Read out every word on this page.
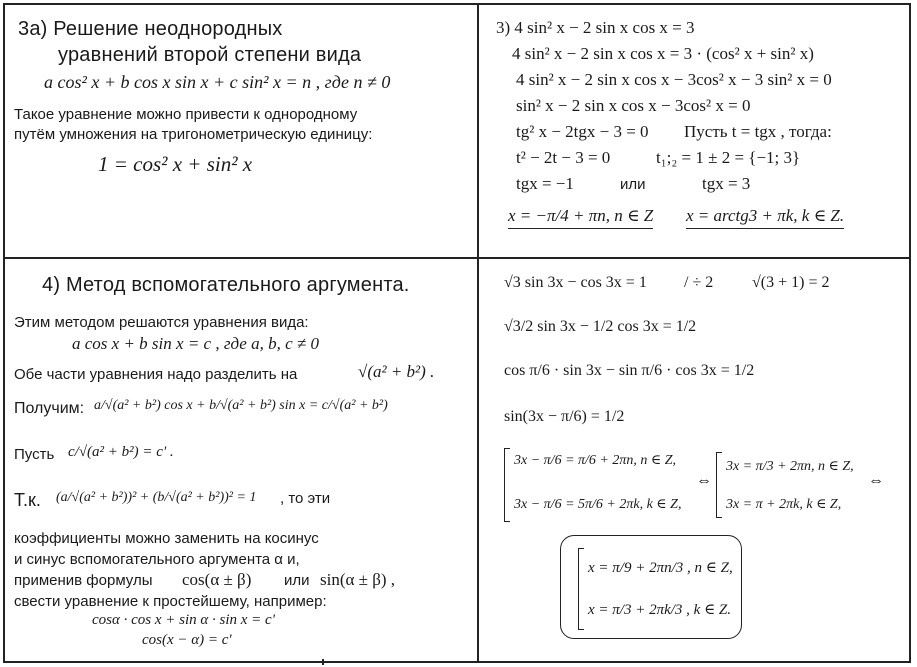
3а) Решение неоднородных
уравнений второй степени вида
a cos² x + b cos x sin x + c sin² x = n , где n ≠ 0
Такое уравнение можно привести к однородному
путём умножения на тригонометрическую единицу:
1 = cos² x + sin² x
3) 4 sin² x − 2 sin x cos x = 3
4 sin² x − 2 sin x cos x = 3 · (cos² x + sin² x)
4 sin² x − 2 sin x cos x − 3cos² x − 3 sin² x = 0
sin² x − 2 sin x cos x − 3cos² x = 0
tg² x − 2tgx − 3 = 0 Пусть t = tgx , тогда:
t² − 2t − 3 = 0	t₁;₂ = 1 ± 2 = {−1; 3}
tgx = −1	или	tgx = 3
x = −π/4 + πn, n ∈ Z x = arctg3 + πk, k ∈ Z.
4) Метод вспомогательного аргумента.
Этим методом решаются уравнения вида:
a cos x + b sin x = c , где a, b, c ≠ 0
Обе части уравнения надо разделить на	√(a² + b²) .
Получим: a/√(a² + b²) cos x + b/√(a² + b²) sin x = c/√(a² + b²)
Пусть c/√(a² + b²) = c' .
Т.к. (a/√(a² + b²))² + (b/√(a² + b²))² = 1 , то эти
коэффициенты можно заменить на косинус
и синус вспомогательного аргумента α и,
применив формулы cos(α ± β) или sin(α ± β) ,
свести уравнение к простейшему, например:
cosα · cos x + sin α · sin x = c'
cos(x − α) = c'
√3 sin 3x − cos 3x = 1 / ÷ 2 √(3 + 1) = 2
√3/2 sin 3x − 1/2 cos 3x = 1/2
cos π/6 · sin 3x − sin π/6 · cos 3x = 1/2
sin(3x − π/6) = 1/2
3x − π/6 = π/6 + 2πn, n ∈ Z,
3x − π/6 = 5π/6 + 2πk, k ∈ Z,
⇔
3x = π/3 + 2πn, n ∈ Z,
3x = π + 2πk, k ∈ Z,
⇔
x = π/9 + 2πn/3 , n ∈ Z,
x = π/3 + 2πk/3 , k ∈ Z.
